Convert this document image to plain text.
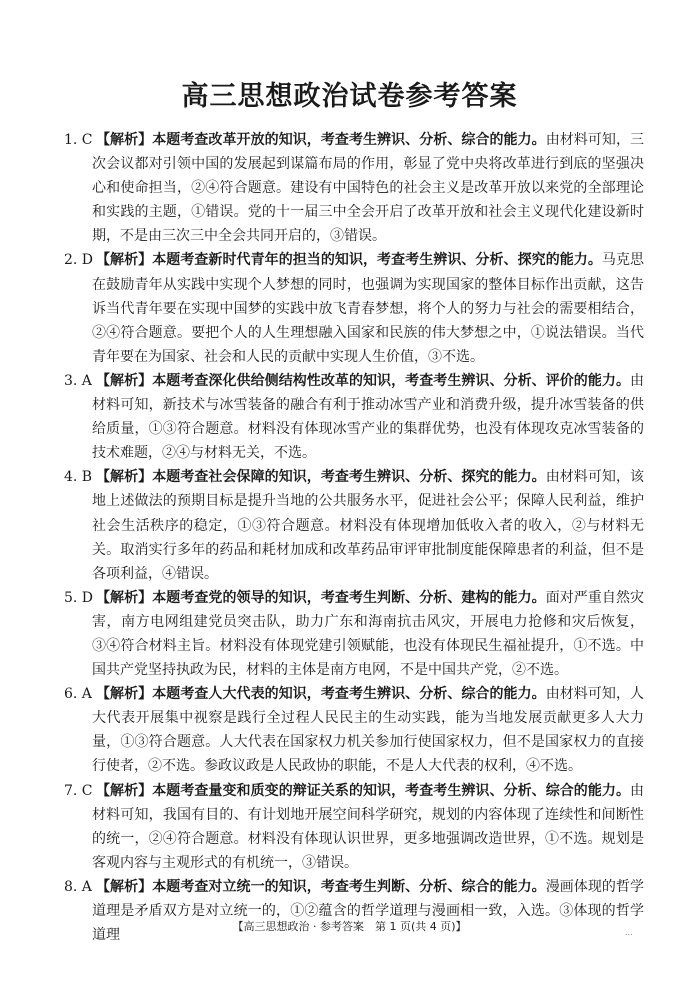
高三思想政治试卷参考答案
1. C 【解析】本题考查改革开放的知识，考查考生辨识、分析、综合的能力。由材料可知，三次会议都对引领中国的发展起到谋篇布局的作用，彰显了党中央将改革进行到底的坚强决心和使命担当，②④符合题意。建设有中国特色的社会主义是改革开放以来党的全部理论和实践的主题，①错误。党的十一届三中全会开启了改革开放和社会主义现代化建设新时期，不是由三次三中全会共同开启的，③错误。
2. D 【解析】本题考查新时代青年的担当的知识，考查考生辨识、分析、探究的能力。马克思在鼓励青年从实践中实现个人梦想的同时，也强调为实现国家的整体目标作出贡献，这告诉当代青年要在实现中国梦的实践中放飞青春梦想，将个人的努力与社会的需要相结合，②④符合题意。要把个人的人生理想融入国家和民族的伟大梦想之中，①说法错误。当代青年要在为国家、社会和人民的贡献中实现人生价值，③不选。
3. A 【解析】本题考查深化供给侧结构性改革的知识，考查考生辨识、分析、评价的能力。由材料可知，新技术与冰雪装备的融合有利于推动冰雪产业和消费升级，提升冰雪装备的供给质量，①③符合题意。材料没有体现冰雪产业的集群优势，也没有体现攻克冰雪装备的技术难题，②④与材料无关，不选。
4. B 【解析】本题考查社会保障的知识，考查考生辨识、分析、探究的能力。由材料可知，该地上述做法的预期目标是提升当地的公共服务水平，促进社会公平；保障人民利益，维护社会生活秩序的稳定，①③符合题意。材料没有体现增加低收入者的收入，②与材料无关。取消实行多年的药品和耗材加成和改革药品审评审批制度能保障患者的利益，但不是各项利益，④错误。
5. D 【解析】本题考查党的领导的知识，考查考生判断、分析、建构的能力。面对严重自然灾害，南方电网组建党员突击队，助力广东和海南抗击风灾，开展电力抢修和灾后恢复，③④符合材料主旨。材料没有体现党建引领赋能，也没有体现民生福祉提升，①不选。中国共产党坚持执政为民，材料的主体是南方电网，不是中国共产党，②不选。
6. A 【解析】本题考查人大代表的知识，考查考生辨识、分析、综合的能力。由材料可知，人大代表开展集中视察是践行全过程人民民主的生动实践，能为当地发展贡献更多人大力量，①③符合题意。人大代表在国家权力机关参加行使国家权力，但不是国家权力的直接行使者，②不选。参政议政是人民政协的职能，不是人大代表的权利，④不选。
7. C 【解析】本题考查量变和质变的辩证关系的知识，考查考生辨识、分析、综合的能力。由材料可知，我国有目的、有计划地开展空间科学研究，规划的内容体现了连续性和间断性的统一，②④符合题意。材料没有体现认识世界，更多地强调改造世界，①不选。规划是客观内容与主观形式的有机统一，③错误。
8. A 【解析】本题考查对立统一的知识，考查考生判断、分析、综合的能力。漫画体现的哲学道理是矛盾双方是对立统一的，①②蕴含的哲学道理与漫画相一致，入选。③体现的哲学道理
【高三思想政治 · 参考答案　第 1 页(共 4 页)】	...
